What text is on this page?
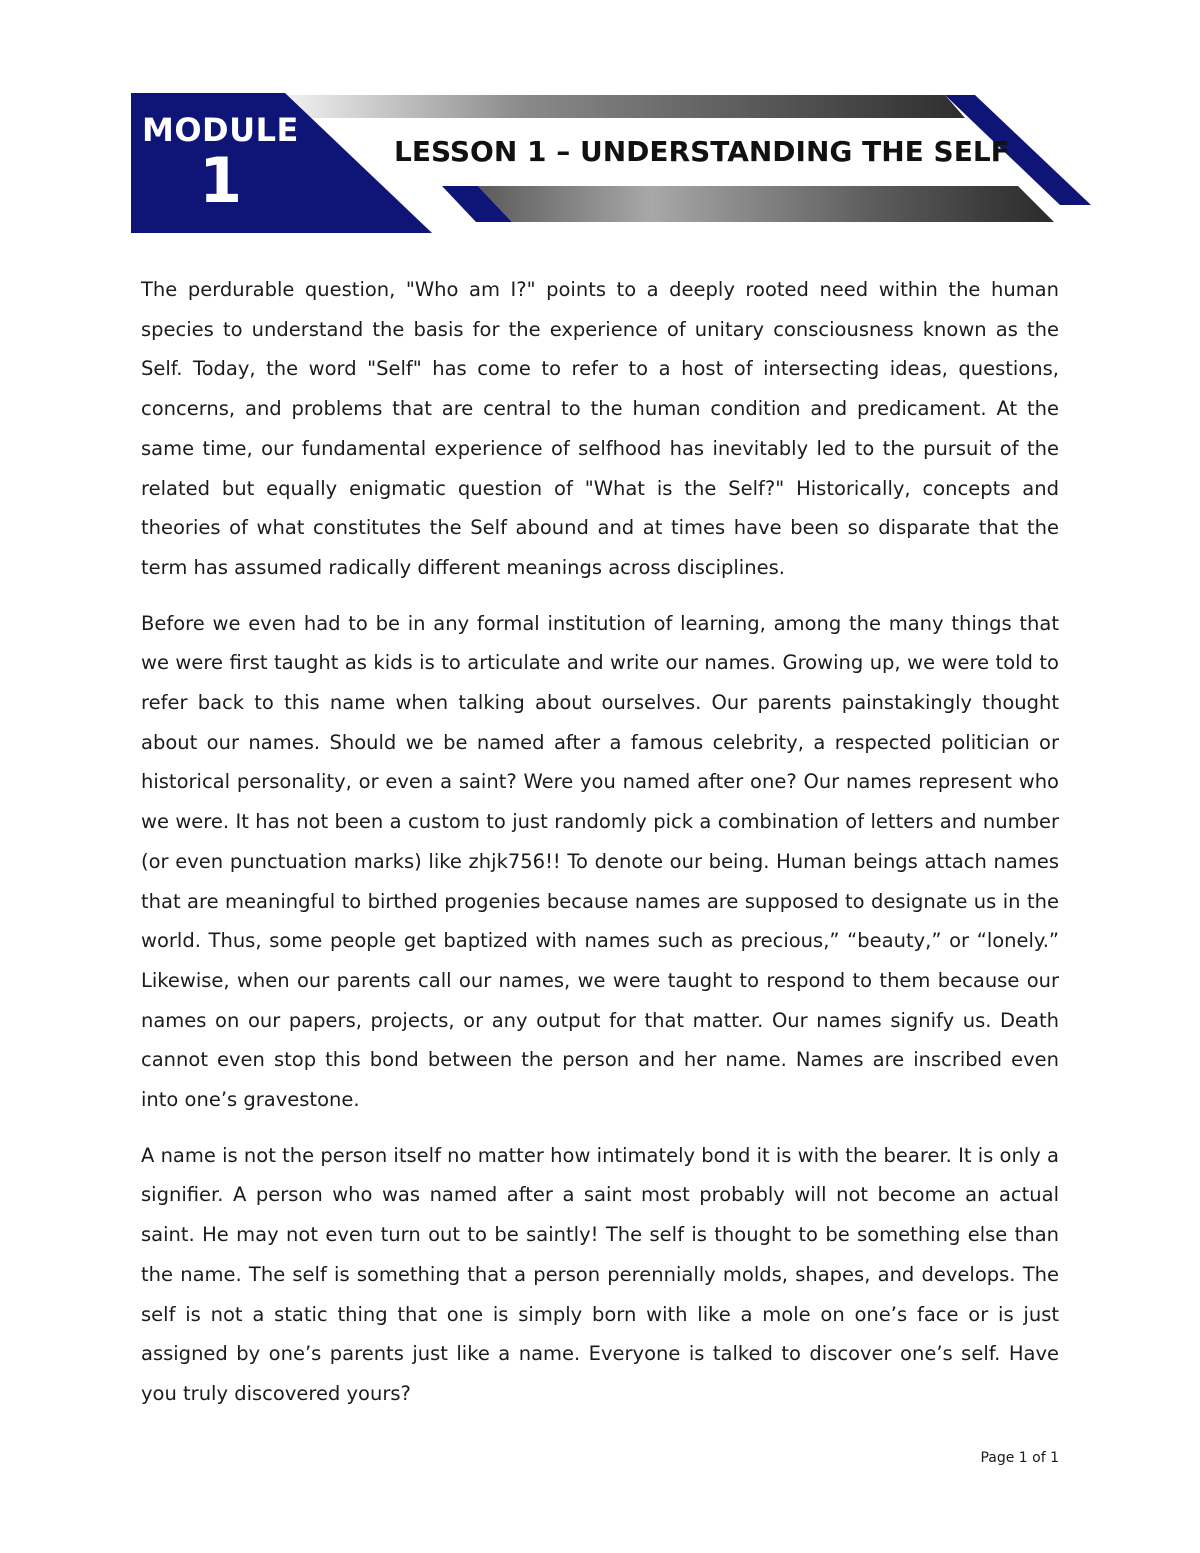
MODULE
1	LESSON 1 – UNDERSTANDING THE SELF

The perdurable question, "Who am I?" points to a deeply rooted need within the human species to understand the basis for the experience of unitary consciousness known as the Self. Today, the word "Self" has come to refer to a host of intersecting ideas, questions, concerns, and problems that are central to the human condition and predicament. At the same time, our fundamental experience of selfhood has inevitably led to the pursuit of the related but equally enigmatic question of "What is the Self?" Historically, concepts and theories of what constitutes the Self abound and at times have been so disparate that the term has assumed radically different meanings across disciplines.

Before we even had to be in any formal institution of learning, among the many things that we were first taught as kids is to articulate and write our names. Growing up, we were told to refer back to this name when talking about ourselves. Our parents painstakingly thought about our names. Should we be named after a famous celebrity, a respected politician or historical personality, or even a saint? Were you named after one? Our names represent who we were. It has not been a custom to just randomly pick a combination of letters and number (or even punctuation marks) like zhjk756!! To denote our being. Human beings attach names that are meaningful to birthed progenies because names are supposed to designate us in the world. Thus, some people get baptized with names such as precious,” “beauty,” or “lonely.” Likewise, when our parents call our names, we were taught to respond to them because our names on our papers, projects, or any output for that matter. Our names signify us. Death cannot even stop this bond between the person and her name. Names are inscribed even into one’s gravestone.

A name is not the person itself no matter how intimately bond it is with the bearer. It is only a signifier. A person who was named after a saint most probably will not become an actual saint. He may not even turn out to be saintly! The self is thought to be something else than the name. The self is something that a person perennially molds, shapes, and develops. The self is not a static thing that one is simply born with like a mole on one’s face or is just assigned by one’s parents just like a name. Everyone is talked to discover one’s self. Have you truly discovered yours?

Page 1 of 1
